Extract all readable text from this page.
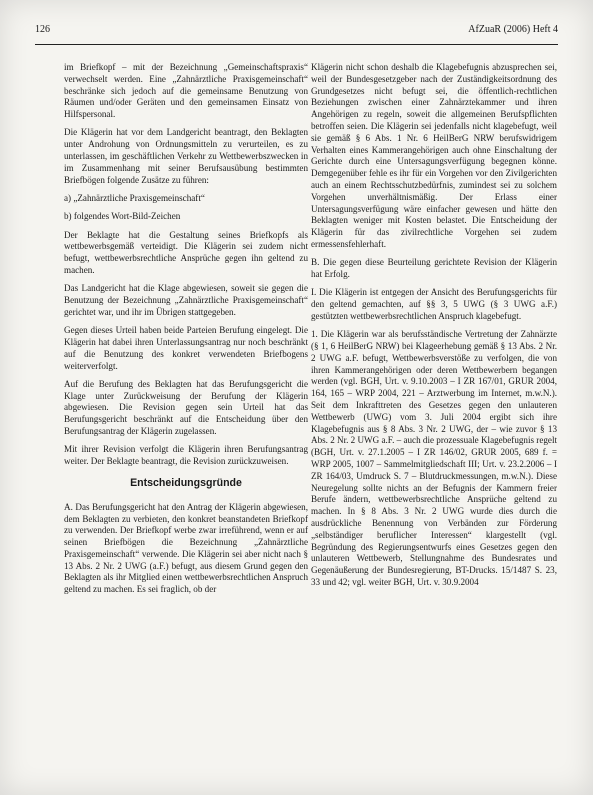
126	AfZuaR (2006) Heft 4

im Briefkopf – mit der Bezeichnung „Gemeinschaftspraxis“ verwechselt werden. Eine „Zahnärztliche Praxisgemeinschaft“ beschränke sich jedoch auf die gemeinsame Benutzung von Räumen und/oder Geräten und den gemeinsamen Einsatz von Hilfspersonal.

Die Klägerin hat vor dem Landgericht beantragt, den Beklagten unter Androhung von Ordnungsmitteln zu verurteilen, es zu unterlassen, im geschäftlichen Verkehr zu Wettbewerbszwecken in im Zusammenhang mit seiner Berufsausübung bestimmten Briefbögen folgende Zusätze zu führen:

a) „Zahnärztliche Praxisgemeinschaft“

b) folgendes Wort-Bild-Zeichen

Der Beklagte hat die Gestaltung seines Briefkopfs als wettbewerbsgemäß verteidigt. Die Klägerin sei zudem nicht befugt, wettbewerbsrechtliche Ansprüche gegen ihn geltend zu machen.

Das Landgericht hat die Klage abgewiesen, soweit sie gegen die Benutzung der Bezeichnung „Zahnärztliche Praxisgemeinschaft“ gerichtet war, und ihr im Übrigen stattgegeben.

Gegen dieses Urteil haben beide Parteien Berufung eingelegt. Die Klägerin hat dabei ihren Unterlassungsantrag nur noch beschränkt auf die Benutzung des konkret verwendeten Briefbogens weiterverfolgt.

Auf die Berufung des Beklagten hat das Berufungsgericht die Klage unter Zurückweisung der Berufung der Klägerin abgewiesen. Die Revision gegen sein Urteil hat das Berufungsgericht beschränkt auf die Entscheidung über den Berufungsantrag der Klägerin zugelassen.

Mit ihrer Revision verfolgt die Klägerin ihren Berufungsantrag weiter. Der Beklagte beantragt, die Revision zurückzuweisen.

Entscheidungsgründe

A. Das Berufungsgericht hat den Antrag der Klägerin abgewiesen, dem Beklagten zu verbieten, den konkret beanstandeten Briefkopf zu verwenden. Der Briefkopf werbe zwar irreführend, wenn er auf seinen Briefbögen die Bezeichnung „Zahnärztliche Praxisgemeinschaft“ verwende. Die Klägerin sei aber nicht nach § 13 Abs. 2 Nr. 2 UWG (a.F.) befugt, aus diesem Grund gegen den Beklagten als ihr Mitglied einen wettbewerbsrechtlichen Anspruch geltend zu machen. Es sei fraglich, ob der

Klägerin nicht schon deshalb die Klagebefugnis abzusprechen sei, weil der Bundesgesetzgeber nach der Zuständigkeitsordnung des Grundgesetzes nicht befugt sei, die öffentlich-rechtlichen Beziehungen zwischen einer Zahnärztekammer und ihren Angehörigen zu regeln, soweit die allgemeinen Berufspflichten betroffen seien. Die Klägerin sei jedenfalls nicht klagebefugt, weil sie gemäß § 6 Abs. 1 Nr. 6 HeilBerG NRW berufswidrigem Verhalten eines Kammerangehörigen auch ohne Einschaltung der Gerichte durch eine Untersagungsverfügung begegnen könne. Demgegenüber fehle es ihr für ein Vorgehen vor den Zivilgerichten auch an einem Rechtsschutzbedürfnis, zumindest sei zu solchem Vorgehen unverhältnismäßig. Der Erlass einer Untersagungsverfügung wäre einfacher gewesen und hätte den Beklagten weniger mit Kosten belastet. Die Entscheidung der Klägerin für das zivilrechtliche Vorgehen sei zudem ermessensfehlerhaft.

B. Die gegen diese Beurteilung gerichtete Revision der Klägerin hat Erfolg.

I. Die Klägerin ist entgegen der Ansicht des Berufungsgerichts für den geltend gemachten, auf §§ 3, 5 UWG (§ 3 UWG a.F.) gestützten wettbewerbsrechtlichen Anspruch klagebefugt.

1. Die Klägerin war als berufsständische Vertretung der Zahnärzte (§ 1, 6 HeilBerG NRW) bei Klageerhebung gemäß § 13 Abs. 2 Nr. 2 UWG a.F. befugt, Wettbewerbsverstöße zu verfolgen, die von ihren Kammerangehörigen oder deren Wettbewerbern begangen werden (vgl. BGH, Urt. v. 9.10.2003 – I ZR 167/01, GRUR 2004, 164, 165 – WRP 2004, 221 – Arztwerbung im Internet, m.w.N.). Seit dem Inkrafttreten des Gesetzes gegen den unlauteren Wettbewerb (UWG) vom 3. Juli 2004 ergibt sich ihre Klagebefugnis aus § 8 Abs. 3 Nr. 2 UWG, der – wie zuvor § 13 Abs. 2 Nr. 2 UWG a.F. – auch die prozessuale Klagebefugnis regelt (BGH, Urt. v. 27.1.2005 – I ZR 146/02, GRUR 2005, 689 f. = WRP 2005, 1007 – Sammelmitgliedschaft III; Urt. v. 23.2.2006 – I ZR 164/03, Umdruck S. 7 – Blutdruckmessungen, m.w.N.). Diese Neuregelung sollte nichts an der Befugnis der Kammern freier Berufe ändern, wettbewerbsrechtliche Ansprüche geltend zu machen. In § 8 Abs. 3 Nr. 2 UWG wurde dies durch die ausdrückliche Benennung von Verbänden zur Förderung „selbständiger beruflicher Interessen“ klargestellt (vgl. Begründung des Regierungsentwurfs eines Gesetzes gegen den unlauteren Wettbewerb, Stellungnahme des Bundesrates und Gegenäußerung der Bundesregierung, BT-Drucks. 15/1487 S. 23, 33 und 42; vgl. weiter BGH, Urt. v. 30.9.2004
